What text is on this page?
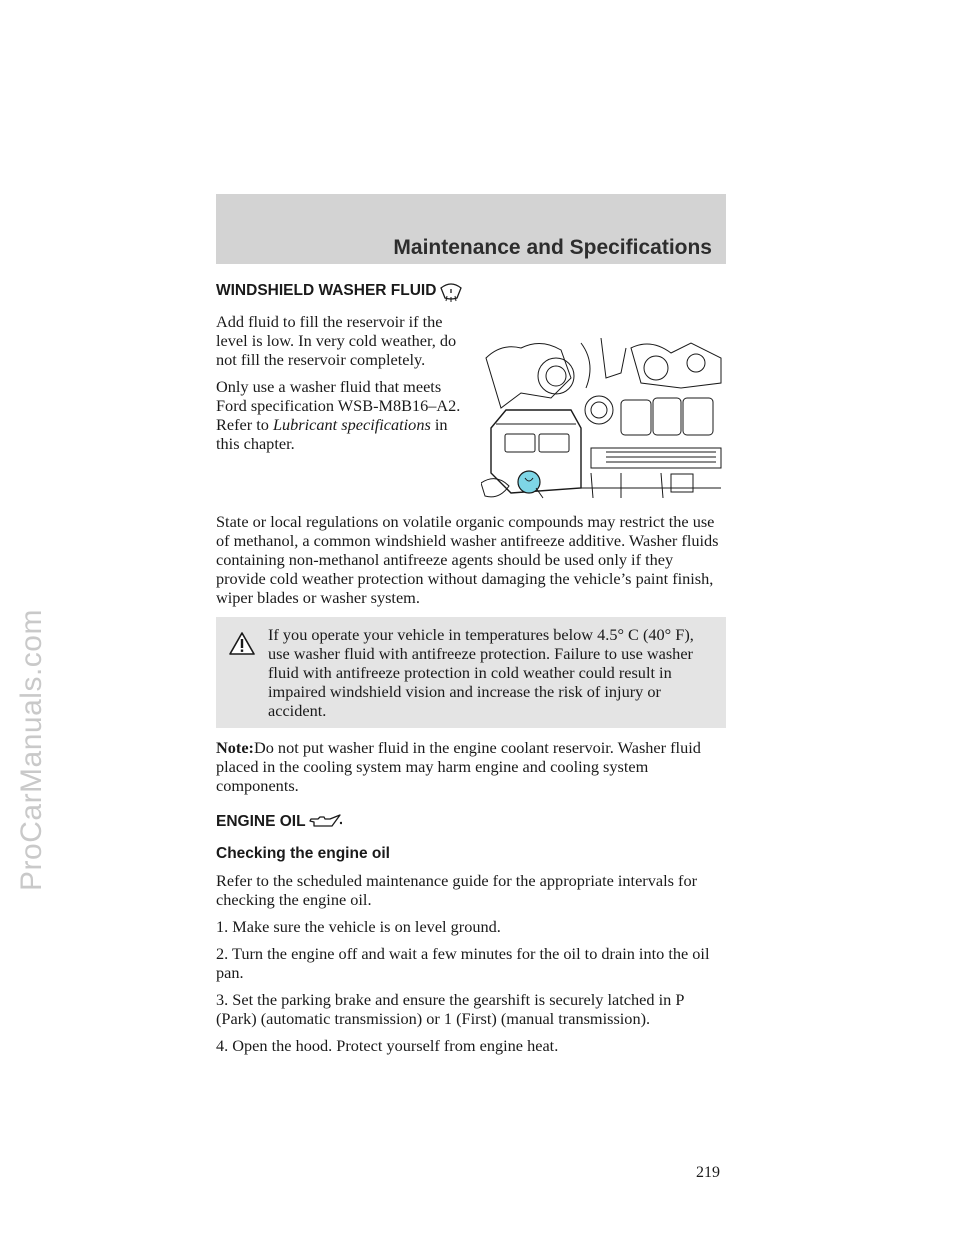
ProCarManuals.com
Maintenance and Specifications
WINDSHIELD WASHER FLUID

Add fluid to fill the reservoir if the level is low. In very cold weather, do not fill the reservoir completely.

Only use a washer fluid that meets Ford specification WSB-M8B16–A2. Refer to Lubricant specifications in this chapter.

State or local regulations on volatile organic compounds may restrict the use of methanol, a common windshield washer antifreeze additive. Washer fluids containing non-methanol antifreeze agents should be used only if they provide cold weather protection without damaging the vehicle’s paint finish, wiper blades or washer system.

If you operate your vehicle in temperatures below 4.5° C (40° F), use washer fluid with antifreeze protection. Failure to use washer fluid with antifreeze protection in cold weather could result in impaired windshield vision and increase the risk of injury or accident.

Note:Do not put washer fluid in the engine coolant reservoir. Washer fluid placed in the cooling system may harm engine and cooling system components.

ENGINE OIL
Checking the engine oil

Refer to the scheduled maintenance guide for the appropriate intervals for checking the engine oil.

1. Make sure the vehicle is on level ground.

2. Turn the engine off and wait a few minutes for the oil to drain into the oil pan.

3. Set the parking brake and ensure the gearshift is securely latched in P (Park) (automatic transmission) or 1 (First) (manual transmission).

4. Open the hood. Protect yourself from engine heat.

219
